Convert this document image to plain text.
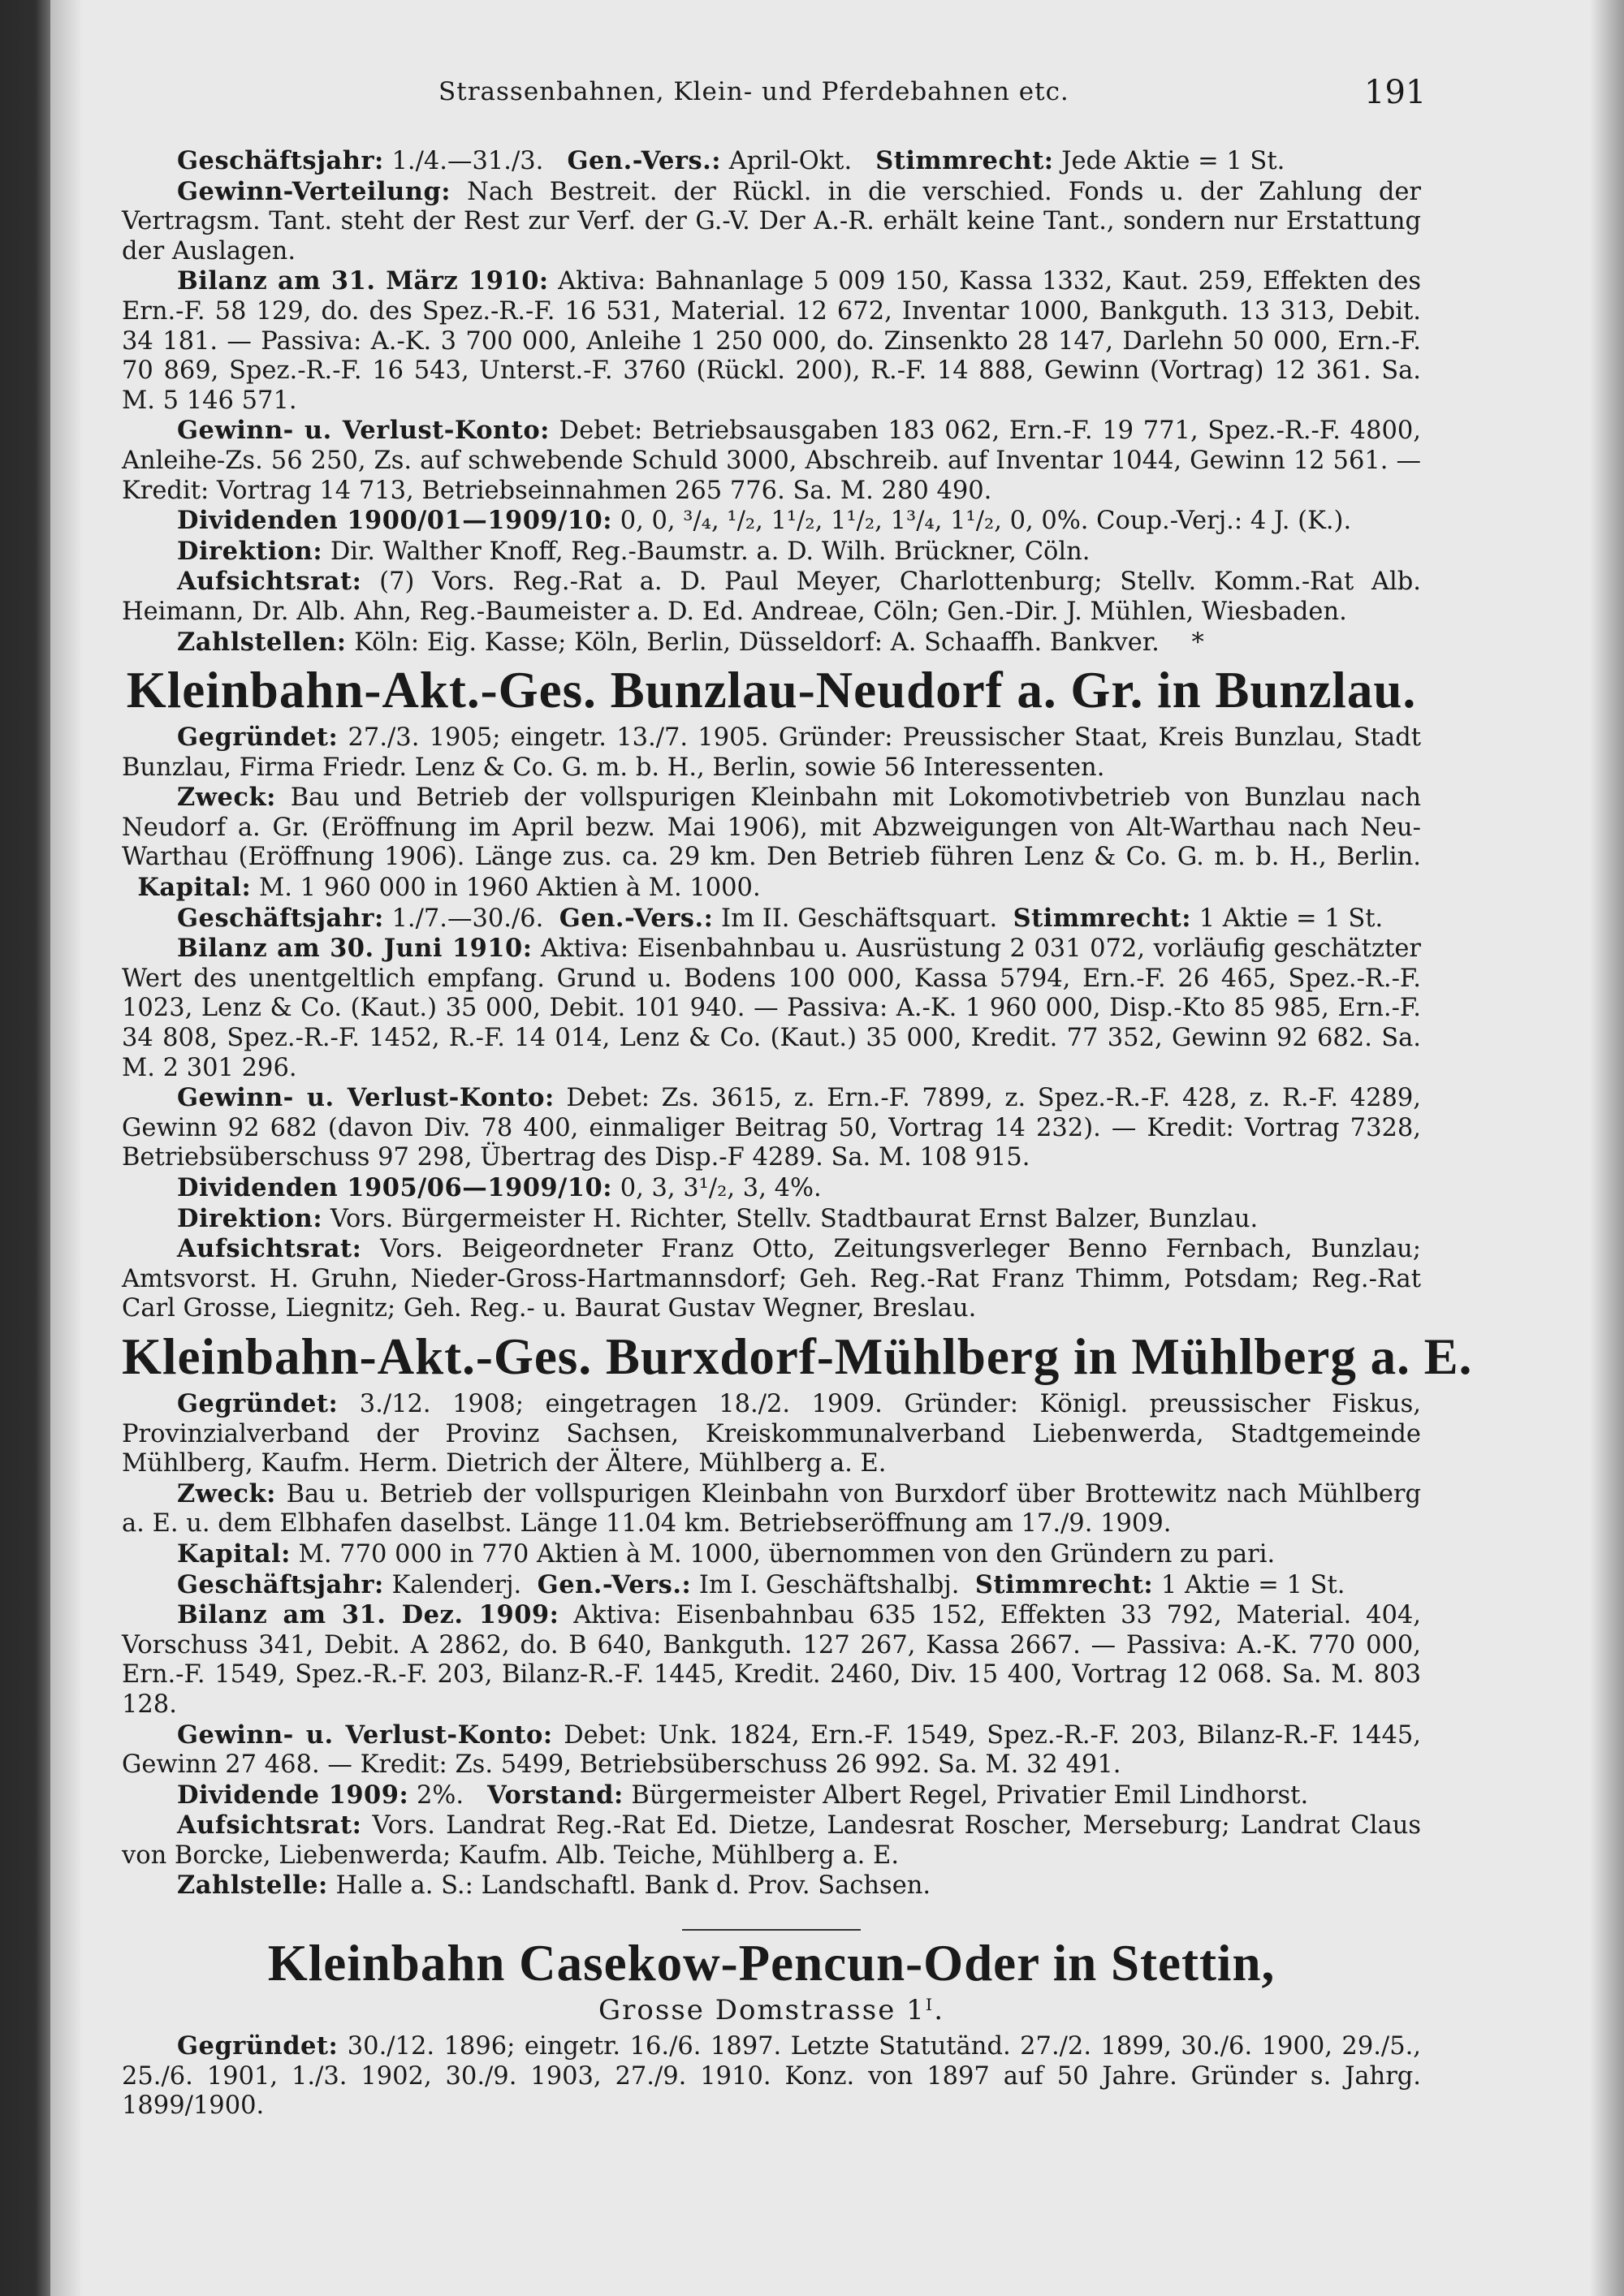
Strassenbahnen, Klein- und Pferdebahnen etc.	191

Geschäftsjahr: 1./4.—31./3. Gen.-Vers.: April-Okt. Stimmrecht: Jede Aktie = 1 St.

Gewinn-Verteilung: Nach Bestreit. der Rückl. in die verschied. Fonds u. der Zahlung der Vertragsm. Tant. steht der Rest zur Verf. der G.-V. Der A.-R. erhält keine Tant., sondern nur Erstattung der Auslagen.

Bilanz am 31. März 1910: Aktiva: Bahnanlage 5 009 150, Kassa 1332, Kaut. 259, Effekten des Ern.-F. 58 129, do. des Spez.-R.-F. 16 531, Material. 12 672, Inventar 1000, Bankguth. 13 313, Debit. 34 181. — Passiva: A.-K. 3 700 000, Anleihe 1 250 000, do. Zinsenkto 28 147, Darlehn 50 000, Ern.-F. 70 869, Spez.-R.-F. 16 543, Unterst.-F. 3760 (Rückl. 200), R.-F. 14 888, Gewinn (Vortrag) 12 361. Sa. M. 5 146 571.

Gewinn- u. Verlust-Konto: Debet: Betriebsausgaben 183 062, Ern.-F. 19 771, Spez.-R.-F. 4800, Anleihe-Zs. 56 250, Zs. auf schwebende Schuld 3000, Abschreib. auf Inventar 1044, Gewinn 12 561. — Kredit: Vortrag 14 713, Betriebseinnahmen 265 776. Sa. M. 280 490.

Dividenden 1900/01—1909/10: 0, 0, ³/₄, ¹/₂, 1¹/₂, 1¹/₂, 1³/₄, 1¹/₂, 0, 0%. Coup.-Verj.: 4 J. (K.).

Direktion: Dir. Walther Knoff, Reg.-Baumstr. a. D. Wilh. Brückner, Cöln.

Aufsichtsrat: (7) Vors. Reg.-Rat a. D. Paul Meyer, Charlottenburg; Stellv. Komm.-Rat Alb. Heimann, Dr. Alb. Ahn, Reg.-Baumeister a. D. Ed. Andreae, Cöln; Gen.-Dir. J. Mühlen, Wiesbaden.

Zahlstellen: Köln: Eig. Kasse; Köln, Berlin, Düsseldorf: A. Schaaffh. Bankver. *

Kleinbahn-Akt.-Ges. Bunzlau-Neudorf a. Gr. in Bunzlau.

Gegründet: 27./3. 1905; eingetr. 13./7. 1905. Gründer: Preussischer Staat, Kreis Bunzlau, Stadt Bunzlau, Firma Friedr. Lenz & Co. G. m. b. H., Berlin, sowie 56 Interessenten.

Zweck: Bau und Betrieb der vollspurigen Kleinbahn mit Lokomotivbetrieb von Bunzlau nach Neudorf a. Gr. (Eröffnung im April bezw. Mai 1906), mit Abzweigungen von Alt-Warthau nach Neu-Warthau (Eröffnung 1906). Länge zus. ca. 29 km. Den Betrieb führen Lenz & Co. G. m. b. H., Berlin.   Kapital: M. 1 960 000 in 1960 Aktien à M. 1000.

Geschäftsjahr: 1./7.—30./6. Gen.-Vers.: Im II. Geschäftsquart. Stimmrecht: 1 Aktie = 1 St.

Bilanz am 30. Juni 1910: Aktiva: Eisenbahnbau u. Ausrüstung 2 031 072, vorläufig geschätzter Wert des unentgeltlich empfang. Grund u. Bodens 100 000, Kassa 5794, Ern.-F. 26 465, Spez.-R.-F. 1023, Lenz & Co. (Kaut.) 35 000, Debit. 101 940. — Passiva: A.-K. 1 960 000, Disp.-Kto 85 985, Ern.-F. 34 808, Spez.-R.-F. 1452, R.-F. 14 014, Lenz & Co. (Kaut.) 35 000, Kredit. 77 352, Gewinn 92 682. Sa. M. 2 301 296.

Gewinn- u. Verlust-Konto: Debet: Zs. 3615, z. Ern.-F. 7899, z. Spez.-R.-F. 428, z. R.-F. 4289, Gewinn 92 682 (davon Div. 78 400, einmaliger Beitrag 50, Vortrag 14 232). — Kredit: Vortrag 7328, Betriebsüberschuss 97 298, Übertrag des Disp.-F 4289. Sa. M. 108 915.

Dividenden 1905/06—1909/10: 0, 3, 3¹/₂, 3, 4%.

Direktion: Vors. Bürgermeister H. Richter, Stellv. Stadtbaurat Ernst Balzer, Bunzlau.

Aufsichtsrat: Vors. Beigeordneter Franz Otto, Zeitungsverleger Benno Fernbach, Bunzlau; Amtsvorst. H. Gruhn, Nieder-Gross-Hartmannsdorf; Geh. Reg.-Rat Franz Thimm, Potsdam; Reg.-Rat Carl Grosse, Liegnitz; Geh. Reg.- u. Baurat Gustav Wegner, Breslau.

Kleinbahn-Akt.-Ges. Burxdorf-Mühlberg in Mühlberg a. E.

Gegründet: 3./12. 1908; eingetragen 18./2. 1909. Gründer: Königl. preussischer Fiskus, Provinzialverband der Provinz Sachsen, Kreiskommunalverband Liebenwerda, Stadtgemeinde Mühlberg, Kaufm. Herm. Dietrich der Ältere, Mühlberg a. E.

Zweck: Bau u. Betrieb der vollspurigen Kleinbahn von Burxdorf über Brottewitz nach Mühlberg a. E. u. dem Elbhafen daselbst. Länge 11.04 km. Betriebseröffnung am 17./9. 1909.

Kapital: M. 770 000 in 770 Aktien à M. 1000, übernommen von den Gründern zu pari.

Geschäftsjahr: Kalenderj. Gen.-Vers.: Im I. Geschäftshalbj. Stimmrecht: 1 Aktie = 1 St.

Bilanz am 31. Dez. 1909: Aktiva: Eisenbahnbau 635 152, Effekten 33 792, Material. 404, Vorschuss 341, Debit. A 2862, do. B 640, Bankguth. 127 267, Kassa 2667. — Passiva: A.-K. 770 000, Ern.-F. 1549, Spez.-R.-F. 203, Bilanz-R.-F. 1445, Kredit. 2460, Div. 15 400, Vortrag 12 068. Sa. M. 803 128.

Gewinn- u. Verlust-Konto: Debet: Unk. 1824, Ern.-F. 1549, Spez.-R.-F. 203, Bilanz-R.-F. 1445, Gewinn 27 468. — Kredit: Zs. 5499, Betriebsüberschuss 26 992. Sa. M. 32 491.

Dividende 1909: 2%. Vorstand: Bürgermeister Albert Regel, Privatier Emil Lindhorst.

Aufsichtsrat: Vors. Landrat Reg.-Rat Ed. Dietze, Landesrat Roscher, Merseburg; Landrat Claus von Borcke, Liebenwerda; Kaufm. Alb. Teiche, Mühlberg a. E.

Zahlstelle: Halle a. S.: Landschaftl. Bank d. Prov. Sachsen.

Kleinbahn Casekow-Pencun-Oder in Stettin,
Grosse Domstrasse 1ᴵ.

Gegründet: 30./12. 1896; eingetr. 16./6. 1897. Letzte Statutänd. 27./2. 1899, 30./6. 1900, 29./5., 25./6. 1901, 1./3. 1902, 30./9. 1903, 27./9. 1910. Konz. von 1897 auf 50 Jahre. Gründer s. Jahrg. 1899/1900.
